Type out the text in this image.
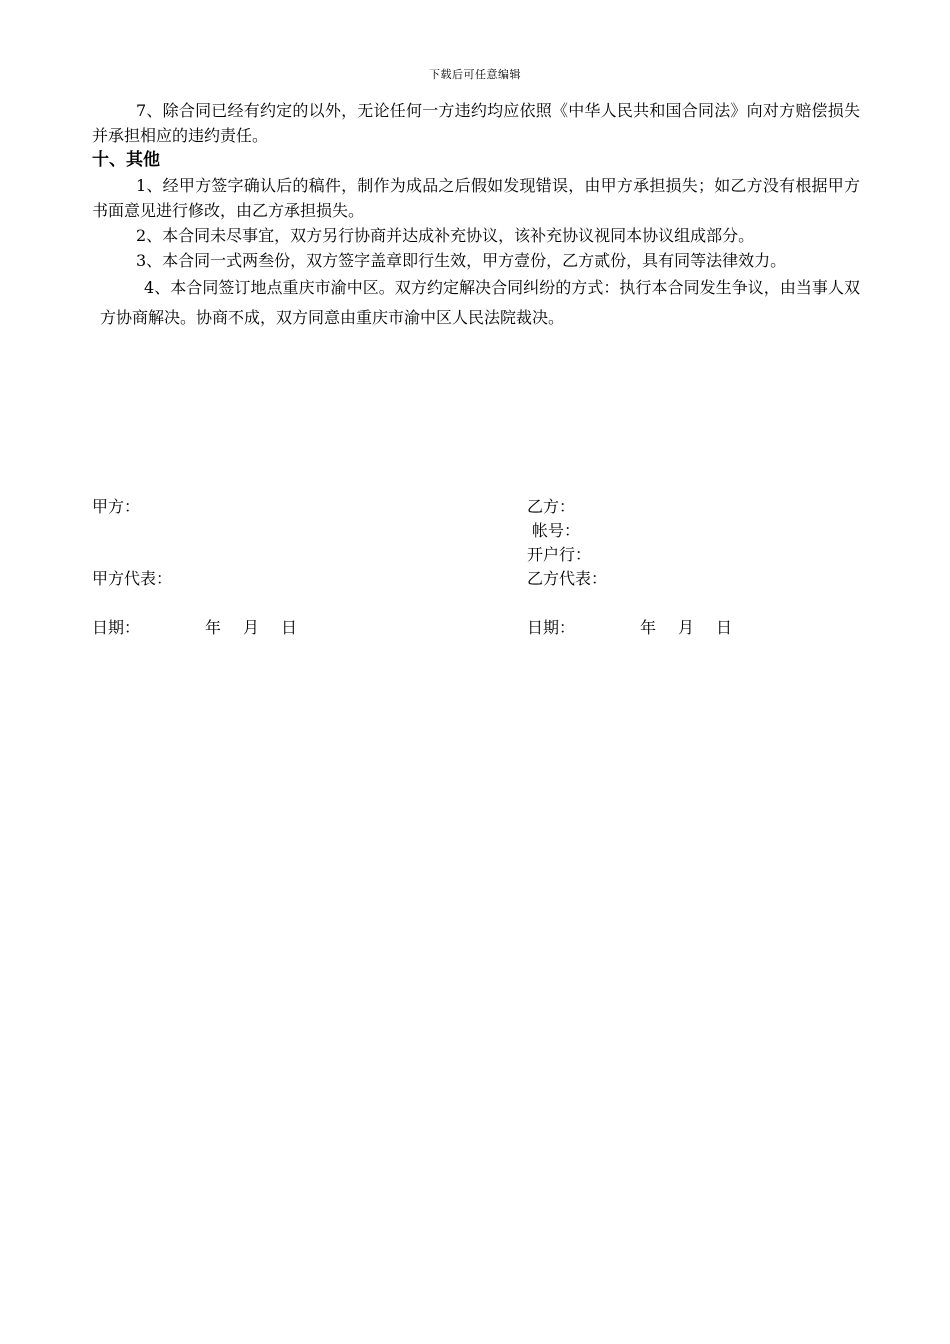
下载后可任意编辑

7、除合同已经有约定的以外，无论任何一方违约均应依照《中华人民共和国合同法》向对方赔偿损失并承担相应的违约责任。

十、其他

1、经甲方签字确认后的稿件，制作为成品之后假如发现错误，由甲方承担损失；如乙方没有根据甲方书面意见进行修改，由乙方承担损失。

2、本合同未尽事宜，双方另行协商并达成补充协议，该补充协议视同本协议组成部分。

3、本合同一式两叁份，双方签字盖章即行生效，甲方壹份，乙方贰份，具有同等法律效力。

4、本合同签订地点重庆市渝中区。双方约定解决合同纠纷的方式：执行本合同发生争议，由当事人双方协商解决。协商不成，双方同意由重庆市渝中区人民法院裁决。

甲方：
甲方代表：
日期：	年 月 日
乙方：
帐号：
开户行：
乙方代表：
日期：	年 月 日
